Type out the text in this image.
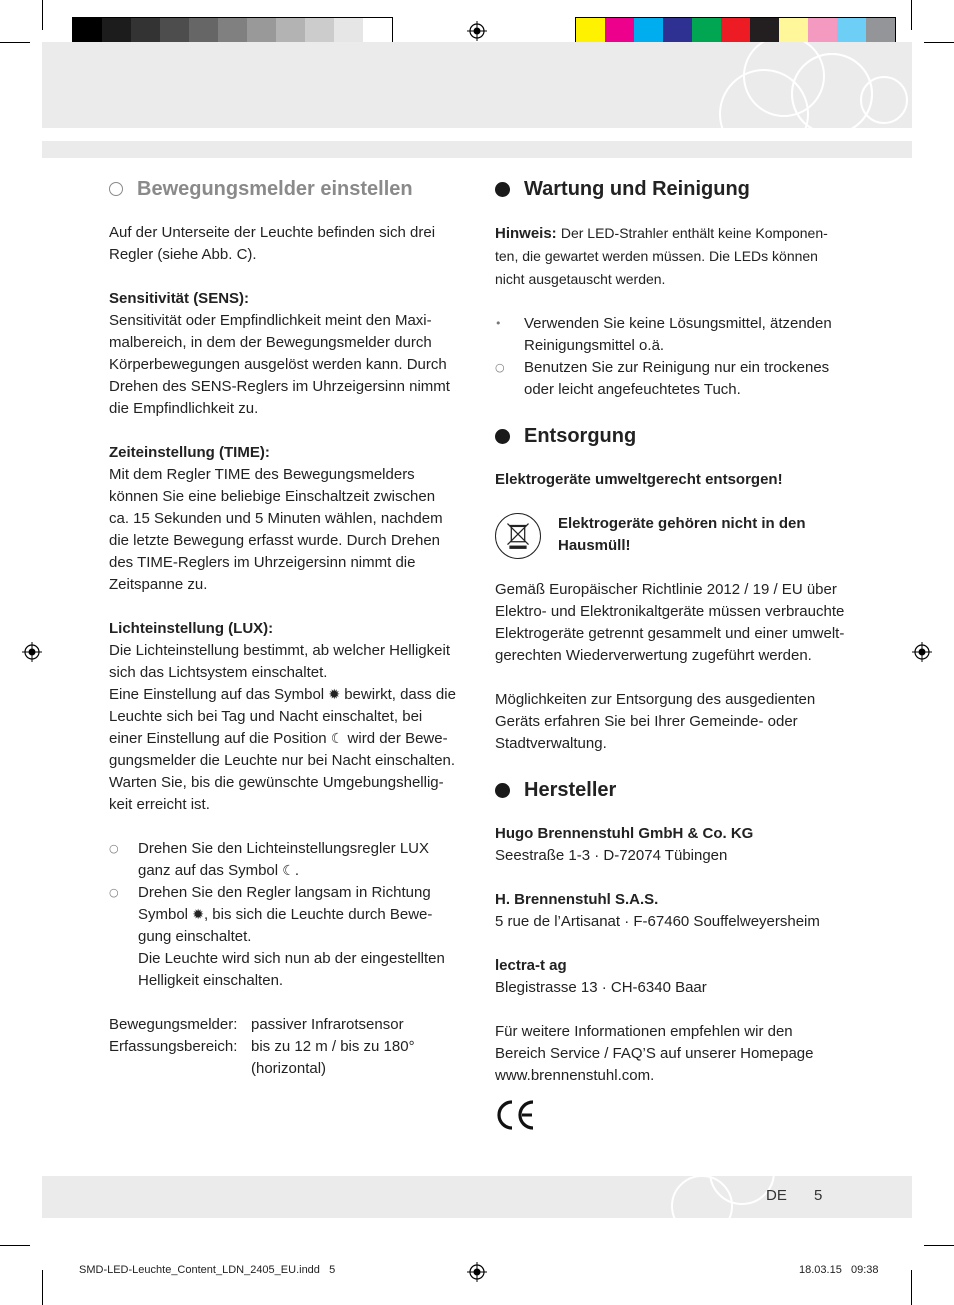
Bewegungsmelder einstellen

Auf der Unterseite der Leuchte befinden sich drei Regler (siehe Abb. C).

Sensitivität (SENS):
Sensitivität oder Empfindlichkeit meint den Maximalbereich, in dem der Bewegungsmelder durch Körperbewegungen ausgelöst werden kann. Durch Drehen des SENS-Reglers im Uhrzeigersinn nimmt die Empfindlichkeit zu.

Zeiteinstellung (TIME):
Mit dem Regler TIME des Bewegungsmelders können Sie eine beliebige Einschaltzeit zwischen ca. 15 Sekunden und 5 Minuten wählen, nachdem die letzte Bewegung erfasst wurde. Durch Drehen des TIME-Reglers im Uhrzeigersinn nimmt die Zeitspanne zu.

Lichteinstellung (LUX):
Die Lichteinstellung bestimmt, ab welcher Helligkeit sich das Lichtsystem einschaltet.
Eine Einstellung auf das Symbol ✹ bewirkt, dass die Leuchte sich bei Tag und Nacht einschaltet, bei einer Einstellung auf die Position ☾ wird der Bewegungsmelder die Leuchte nur bei Nacht einschalten. Warten Sie, bis die gewünschte Umgebungshelligkeit erreicht ist.

○ Drehen Sie den Lichteinstellungsregler LUX ganz auf das Symbol ☾.
○ Drehen Sie den Regler langsam in Richtung Symbol ✹, bis sich die Leuchte durch Bewegung einschaltet.
Die Leuchte wird sich nun ab der eingestellten Helligkeit einschalten.
Bewegungsmelder: passiver Infrarotsensor
Erfassungsbereich: bis zu 12 m / bis zu 180° (horizontal)
Wartung und Reinigung

Hinweis: Der LED-Strahler enthält keine Komponenten, die gewartet werden müssen. Die LEDs können nicht ausgetauscht werden.

• Verwenden Sie keine Lösungsmittel, ätzenden Reinigungsmittel o.ä.
○ Benutzen Sie zur Reinigung nur ein trockenes oder leicht angefeuchtetes Tuch.
Entsorgung

Elektrogeräte umweltgerecht entsorgen!

Elektrogeräte gehören nicht in den Hausmüll!

Gemäß Europäischer Richtlinie 2012 / 19 / EU über Elektro- und Elektronikaltgeräte müssen verbrauchte Elektrogeräte getrennt gesammelt und einer umweltgerechten Wiederverwertung zugeführt werden.

Möglichkeiten zur Entsorgung des ausgedienten Geräts erfahren Sie bei Ihrer Gemeinde- oder Stadtverwaltung.

Hersteller

Hugo Brennenstuhl GmbH & Co. KG
Seestraße 1-3 · D-72074 Tübingen

H. Brennenstuhl S.A.S.
5 rue de l’Artisanat · F-67460 Souffelweyersheim

lectra-t ag
Blegistrasse 13 · CH-6340 Baar

Für weitere Informationen empfehlen wir den Bereich Service / FAQ’S auf unserer Homepage www.brennenstuhl.com.

DE 5
SMD-LED-Leuchte_Content_LDN_2405_EU.indd   5	18.03.15   09:38
